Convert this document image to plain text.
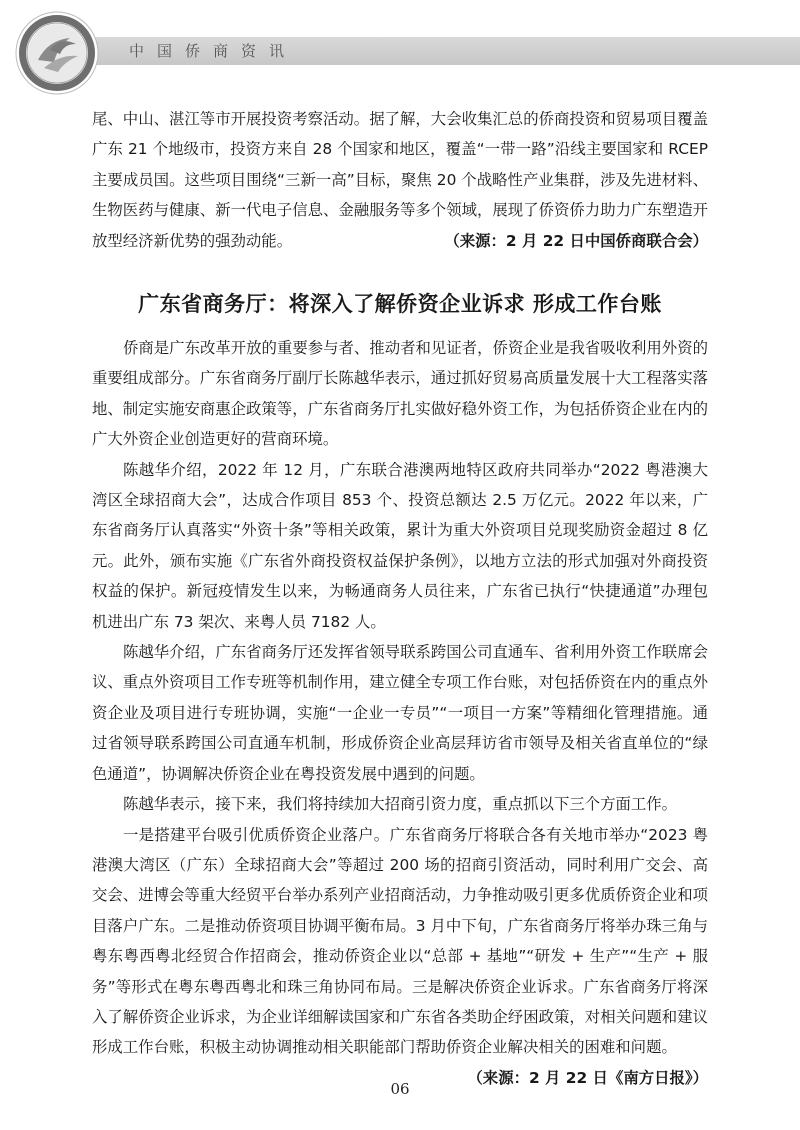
中国侨商资讯

尾、中山、湛江等市开展投资考察活动。据了解，大会收集汇总的侨商投资和贸易项目覆盖广东 21 个地级市，投资方来自 28 个国家和地区，覆盖“一带一路”沿线主要国家和 RCEP 主要成员国。这些项目围绕“三新一高”目标，聚焦 20 个战略性产业集群，涉及先进材料、生物医药与健康、新一代电子信息、金融服务等多个领域，展现了侨资侨力助力广东塑造开放型经济新优势的强劲动能。	（来源：2 月 22 日中国侨商联合会）

广东省商务厅：将深入了解侨资企业诉求 形成工作台账

侨商是广东改革开放的重要参与者、推动者和见证者，侨资企业是我省吸收利用外资的重要组成部分。广东省商务厅副厅长陈越华表示，通过抓好贸易高质量发展十大工程落实落地、制定实施安商惠企政策等，广东省商务厅扎实做好稳外资工作，为包括侨资企业在内的广大外资企业创造更好的营商环境。

陈越华介绍，2022 年 12 月，广东联合港澳两地特区政府共同举办“2022 粤港澳大湾区全球招商大会”，达成合作项目 853 个、投资总额达 2.5 万亿元。2022 年以来，广东省商务厅认真落实“外资十条”等相关政策，累计为重大外资项目兑现奖励资金超过 8 亿元。此外，颁布实施《广东省外商投资权益保护条例》，以地方立法的形式加强对外商投资权益的保护。新冠疫情发生以来，为畅通商务人员往来，广东省已执行“快捷通道”办理包机进出广东 73 架次、来粤人员 7182 人。

陈越华介绍，广东省商务厅还发挥省领导联系跨国公司直通车、省利用外资工作联席会议、重点外资项目工作专班等机制作用，建立健全专项工作台账，对包括侨资在内的重点外资企业及项目进行专班协调，实施“一企业一专员”“一项目一方案”等精细化管理措施。通过省领导联系跨国公司直通车机制，形成侨资企业高层拜访省市领导及相关省直单位的“绿色通道”，协调解决侨资企业在粤投资发展中遇到的问题。

陈越华表示，接下来，我们将持续加大招商引资力度，重点抓以下三个方面工作。

一是搭建平台吸引优质侨资企业落户。广东省商务厅将联合各有关地市举办“2023 粤港澳大湾区（广东）全球招商大会”等超过 200 场的招商引资活动，同时利用广交会、高交会、进博会等重大经贸平台举办系列产业招商活动，力争推动吸引更多优质侨资企业和项目落户广东。二是推动侨资项目协调平衡布局。3 月中下旬，广东省商务厅将举办珠三角与粤东粤西粤北经贸合作招商会，推动侨资企业以“总部 + 基地”“研发 + 生产”“生产 + 服务”等形式在粤东粤西粤北和珠三角协同布局。三是解决侨资企业诉求。广东省商务厅将深入了解侨资企业诉求，为企业详细解读国家和广东省各类助企纾困政策，对相关问题和建议形成工作台账，积极主动协调推动相关职能部门帮助侨资企业解决相关的困难和问题。

（来源：2 月 22 日《南方日报》）
06
